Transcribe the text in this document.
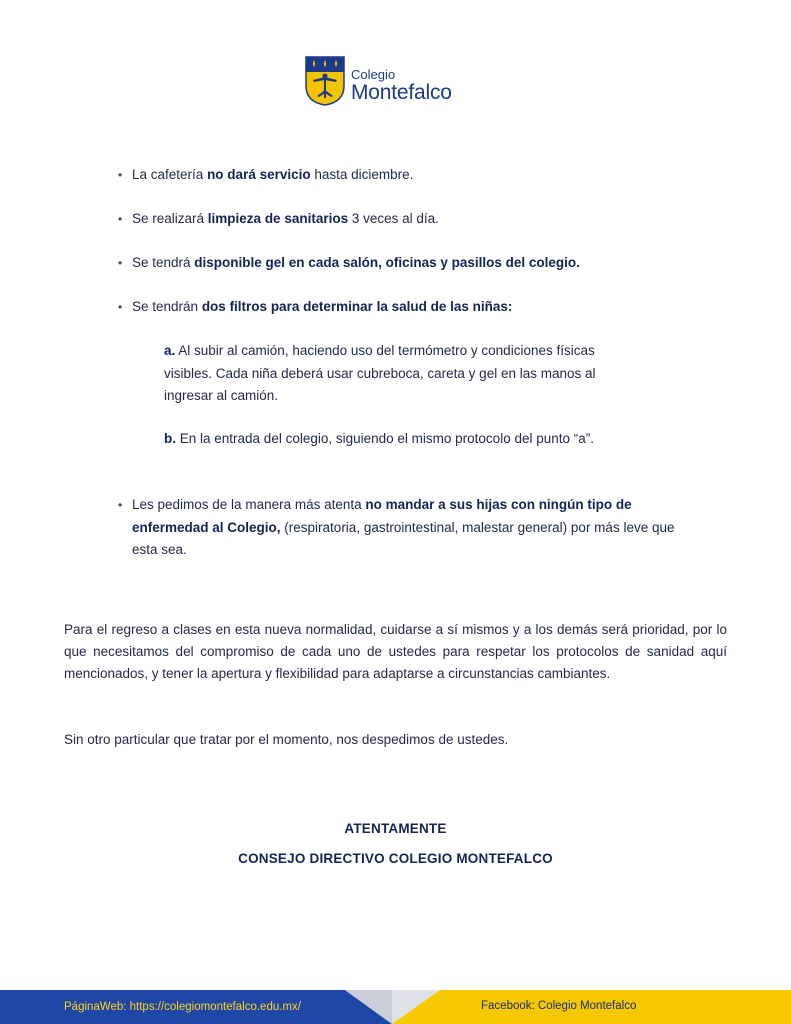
Colegio
Montefalco
• La cafetería no dará servicio hasta diciembre.
• Se realizará limpieza de sanitarios 3 veces al día.
• Se tendrá disponible gel en cada salón, oficinas y pasillos del colegio.
• Se tendrán dos filtros para determinar la salud de las niñas:
• Les pedimos de la manera más atenta no mandar a sus hijas con ningún tipo de enfermedad al Colegio, (respiratoria, gastrointestinal, malestar general) por más leve que esta sea.
a. Al subir al camión, haciendo uso del termómetro y condiciones físicas visibles. Cada niña deberá usar cubreboca, careta y gel en las manos al ingresar al camión.
b. En la entrada del colegio, siguiendo el mismo protocolo del punto “a”.

Para el regreso a clases en esta nueva normalidad, cuidarse a sí mismos y a los demás será prioridad, por lo que necesitamos del compromiso de cada uno de ustedes para respetar los protocolos de sanidad aquí mencionados, y tener la apertura y flexibilidad para adaptarse a circunstancias cambiantes.

Sin otro particular que tratar por el momento, nos despedimos de ustedes.

ATENTAMENTE
CONSEJO DIRECTIVO COLEGIO MONTEFALCO
PáginaWeb: https://colegiomontefalco.edu.mx/	Facebook: Colegio Montefalco
